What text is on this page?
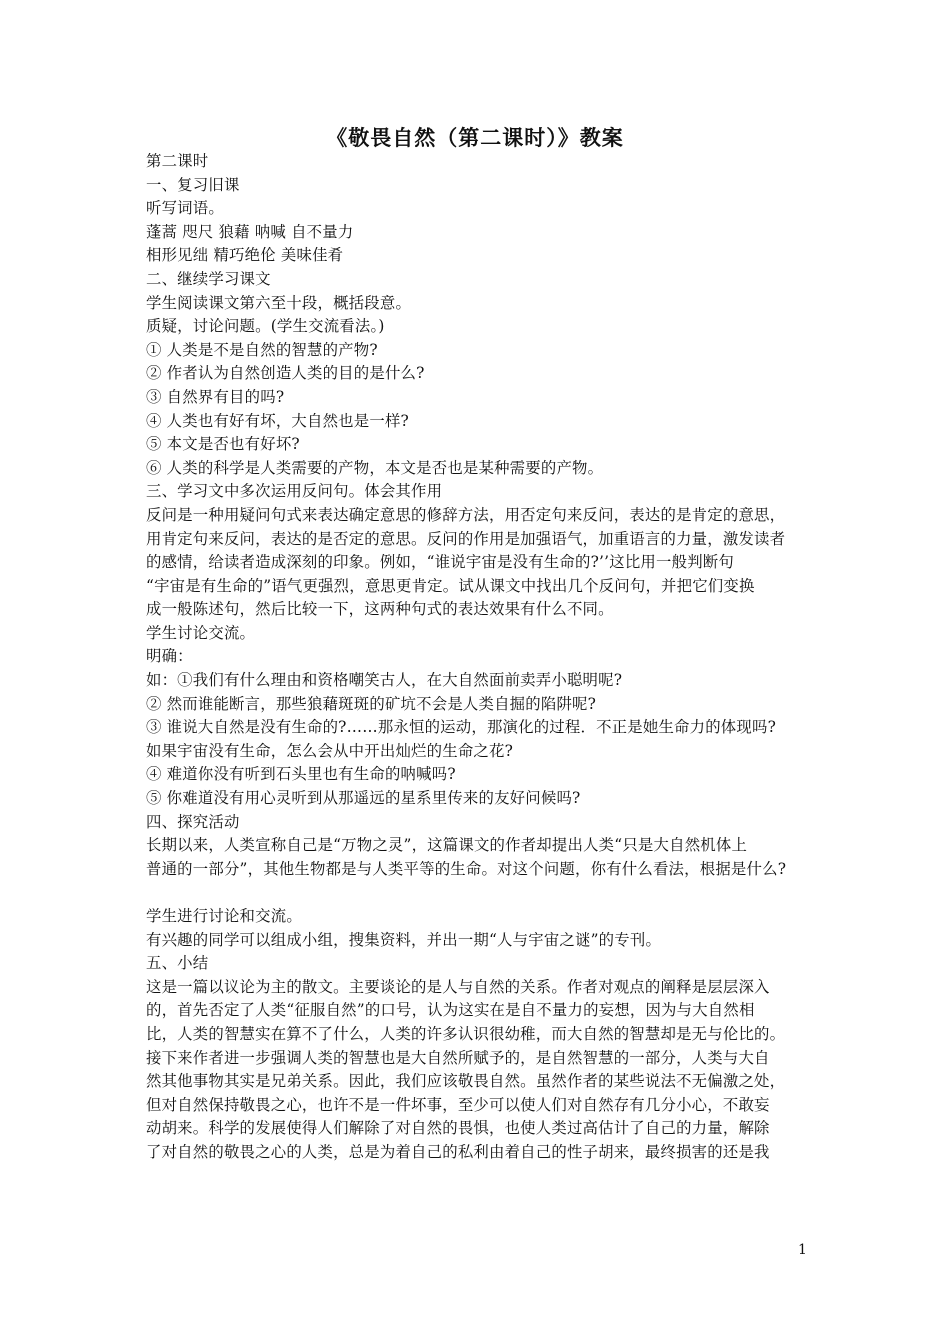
《敬畏自然（第二课时）》教案
第二课时
一、复习旧课
听写词语。
蓬蒿 咫尺 狼藉 呐喊 自不量力
相形见绌 精巧绝伦 美味佳肴
二、继续学习课文
学生阅读课文第六至十段，概括段意。
质疑，讨论问题。(学生交流看法。)
① 人类是不是自然的智慧的产物?
② 作者认为自然创造人类的目的是什么?
③ 自然界有目的吗?
④ 人类也有好有坏，大自然也是一样?
⑤ 本文是否也有好坏?
⑥ 人类的科学是人类需要的产物，本文是否也是某种需要的产物。
三、学习文中多次运用反问句。体会其作用
反问是一种用疑问句式来表达确定意思的修辞方法，用否定句来反问，表达的是肯定的意思，
用肯定句来反问，表达的是否定的意思。反问的作用是加强语气，加重语言的力量，激发读者
的感情，给读者造成深刻的印象。例如，“谁说宇宙是没有生命的?’’这比用一般判断句
“宇宙是有生命的”语气更强烈，意思更肯定。试从课文中找出几个反问句，并把它们变换
成一般陈述句，然后比较一下，这两种句式的表达效果有什么不同。
学生讨论交流。
明确：
如：①我们有什么理由和资格嘲笑古人，在大自然面前卖弄小聪明呢?
② 然而谁能断言，那些狼藉斑斑的矿坑不会是人类自掘的陷阱呢?
③ 谁说大自然是没有生命的?……那永恒的运动，那演化的过程．不正是她生命力的体现吗?
如果宇宙没有生命，怎么会从中开出灿烂的生命之花?
④ 难道你没有听到石头里也有生命的呐喊吗?
⑤ 你难道没有用心灵听到从那遥远的星系里传来的友好问候吗?
四、探究活动
长期以来，人类宣称自己是“万物之灵”，这篇课文的作者却提出人类“只是大自然机体上
普通的一部分”，其他生物都是与人类平等的生命。对这个问题，你有什么看法，根据是什么?
学生进行讨论和交流。
有兴趣的同学可以组成小组，搜集资料，并出一期“人与宇宙之谜”的专刊。
五、小结
这是一篇以议论为主的散文。主要谈论的是人与自然的关系。作者对观点的阐释是层层深入
的，首先否定了人类“征服自然”的口号，认为这实在是自不量力的妄想，因为与大自然相
比，人类的智慧实在算不了什么，人类的许多认识很幼稚，而大自然的智慧却是无与伦比的。
接下来作者进一步强调人类的智慧也是大自然所赋予的，是自然智慧的一部分，人类与大自
然其他事物其实是兄弟关系。因此，我们应该敬畏自然。虽然作者的某些说法不无偏激之处，
但对自然保持敬畏之心，也许不是一件坏事，至少可以使人们对自然存有几分小心，不敢妄
动胡来。科学的发展使得人们解除了对自然的畏惧，也使人类过高估计了自己的力量，解除
了对自然的敬畏之心的人类，总是为着自己的私利由着自己的性子胡来，最终损害的还是我
1
